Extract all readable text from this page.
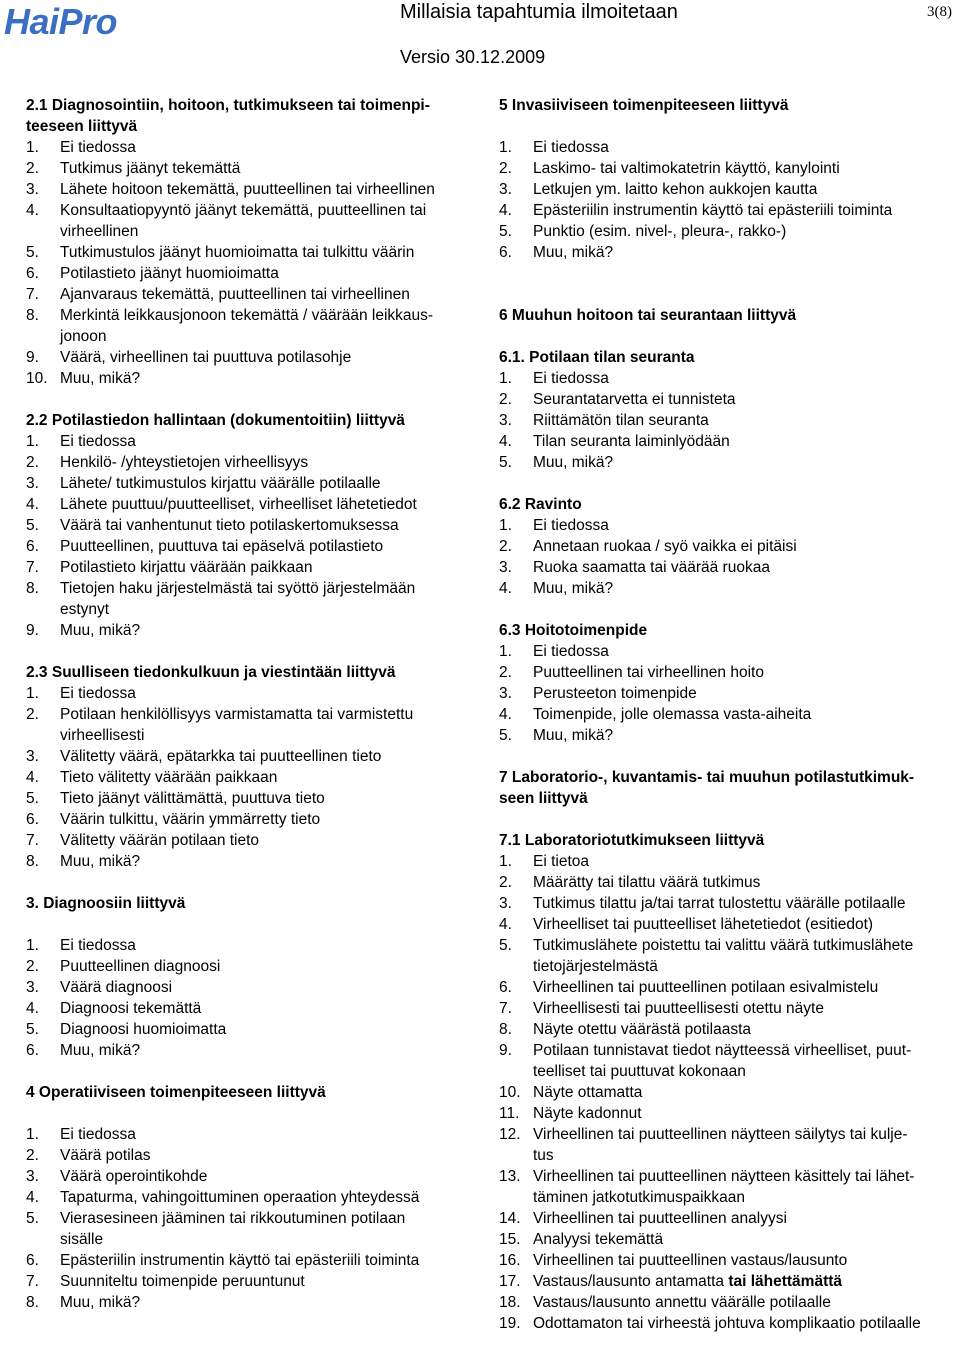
HaiPro	Millaisia tapahtumia ilmoitetaan	3(8)
Versio 30.12.2009
2.1 Diagnosointiin, hoitoon, tutkimukseen tai toimenpi-
teeseen liittyvä
1.	Ei tiedossa
2.	Tutkimus jäänyt tekemättä
3.	Lähete hoitoon tekemättä, puutteellinen tai virheellinen
4.	Konsultaatiopyyntö jäänyt tekemättä, puutteellinen tai
virheellinen
5.	Tutkimustulos jäänyt huomioimatta tai tulkittu väärin
6.	Potilastieto jäänyt huomioimatta
7.	Ajanvaraus tekemättä, puutteellinen tai virheellinen
8.	Merkintä leikkausjonoon tekemättä / väärään leikkaus-
jonoon
9.	Väärä, virheellinen tai puuttuva potilasohje
10. Muu, mikä?
2.2 Potilastiedon hallintaan (dokumentoitiin) liittyvä
1.	Ei tiedossa
2.	Henkilö- /yhteystietojen virheellisyys
3.	Lähete/ tutkimustulos kirjattu väärälle potilaalle
4.	Lähete puuttuu/puutteelliset, virheelliset lähetetiedot
5.	Väärä tai vanhentunut tieto potilaskertomuksessa
6.	Puutteellinen, puuttuva tai epäselvä potilastieto
7.	Potilastieto kirjattu väärään paikkaan
8.	Tietojen haku järjestelmästä tai syöttö järjestelmään
estynyt
9.	Muu, mikä?
2.3 Suulliseen tiedonkulkuun ja viestintään liittyvä
1.	Ei tiedossa
2.	Potilaan henkilöllisyys varmistamatta tai varmistettu
virheellisesti
3.	Välitetty väärä, epätarkka tai puutteellinen tieto
4.	Tieto välitetty väärään paikkaan
5.	Tieto jäänyt välittämättä, puuttuva tieto
6.	Väärin tulkittu, väärin ymmärretty tieto
7.	Välitetty väärän potilaan tieto
8.	Muu, mikä?
3. Diagnoosiin liittyvä
1.	Ei tiedossa
2.	Puutteellinen diagnoosi
3.	Väärä diagnoosi
4.	Diagnoosi tekemättä
5.	Diagnoosi huomioimatta
6.	Muu, mikä?
4 Operatiiviseen toimenpiteeseen liittyvä
1.	Ei tiedossa
2.	Väärä potilas
3.	Väärä operointikohde
4.	Tapaturma, vahingoittuminen operaation yhteydessä
5.	Vierasesineen jääminen tai rikkoutuminen potilaan
sisälle
6.	Epästeriilin instrumentin käyttö tai epästeriili toiminta
7.	Suunniteltu toimenpide peruuntunut
8.	Muu, mikä?
5 Invasiiviseen toimenpiteeseen liittyvä
1.	Ei tiedossa
2.	Laskimo- tai valtimokatetrin käyttö, kanylointi
3.	Letkujen ym. laitto kehon aukkojen kautta
4.	Epästeriilin instrumentin käyttö tai epästeriili toiminta
5.	Punktio (esim. nivel-, pleura-, rakko-)
6.	Muu, mikä?
6 Muuhun hoitoon tai seurantaan liittyvä
6.1. Potilaan tilan seuranta
1.	Ei tiedossa
2.	Seurantatarvetta ei tunnisteta
3.	Riittämätön tilan seuranta
4.	Tilan seuranta laiminlyödään
5.	Muu, mikä?
6.2 Ravinto
1.	Ei tiedossa
2.	Annetaan ruokaa / syö vaikka ei pitäisi
3.	Ruoka saamatta tai väärää ruokaa
4.	Muu, mikä?
6.3 Hoitotoimenpide
1.	Ei tiedossa
2.	Puutteellinen tai virheellinen hoito
3.	Perusteeton toimenpide
4.	Toimenpide, jolle olemassa vasta-aiheita
5.	Muu, mikä?
7 Laboratorio-, kuvantamis- tai muuhun potilastutkimuk-
seen liittyvä
7.1 Laboratoriotutkimukseen liittyvä
1.	Ei tietoa
2.	Määrätty tai tilattu väärä tutkimus
3.	Tutkimus tilattu ja/tai tarrat tulostettu väärälle potilaalle
4.	Virheelliset tai puutteelliset lähetetiedot (esitiedot)
5.	Tutkimuslähete poistettu tai valittu väärä tutkimuslähete
tietojärjestelmästä
6.	Virheellinen tai puutteellinen potilaan esivalmistelu
7.	Virheellisesti tai puutteellisesti otettu näyte
8.	Näyte otettu väärästä potilaasta
9.	Potilaan tunnistavat tiedot näytteessä virheelliset, puut-
teelliset tai puuttuvat kokonaan
10. Näyte ottamatta
11. Näyte kadonnut
12. Virheellinen tai puutteellinen näytteen säilytys tai kulje-
tus
13. Virheellinen tai puutteellinen näytteen käsittely tai lähet-
täminen jatkotutkimuspaikkaan
14. Virheellinen tai puutteellinen analyysi
15. Analyysi tekemättä
16. Virheellinen tai puutteellinen vastaus/lausunto
17. Vastaus/lausunto antamatta tai lähettämättä
18. Vastaus/lausunto annettu väärälle potilaalle
19. Odottamaton tai virheestä johtuva komplikaatio potilaalle
